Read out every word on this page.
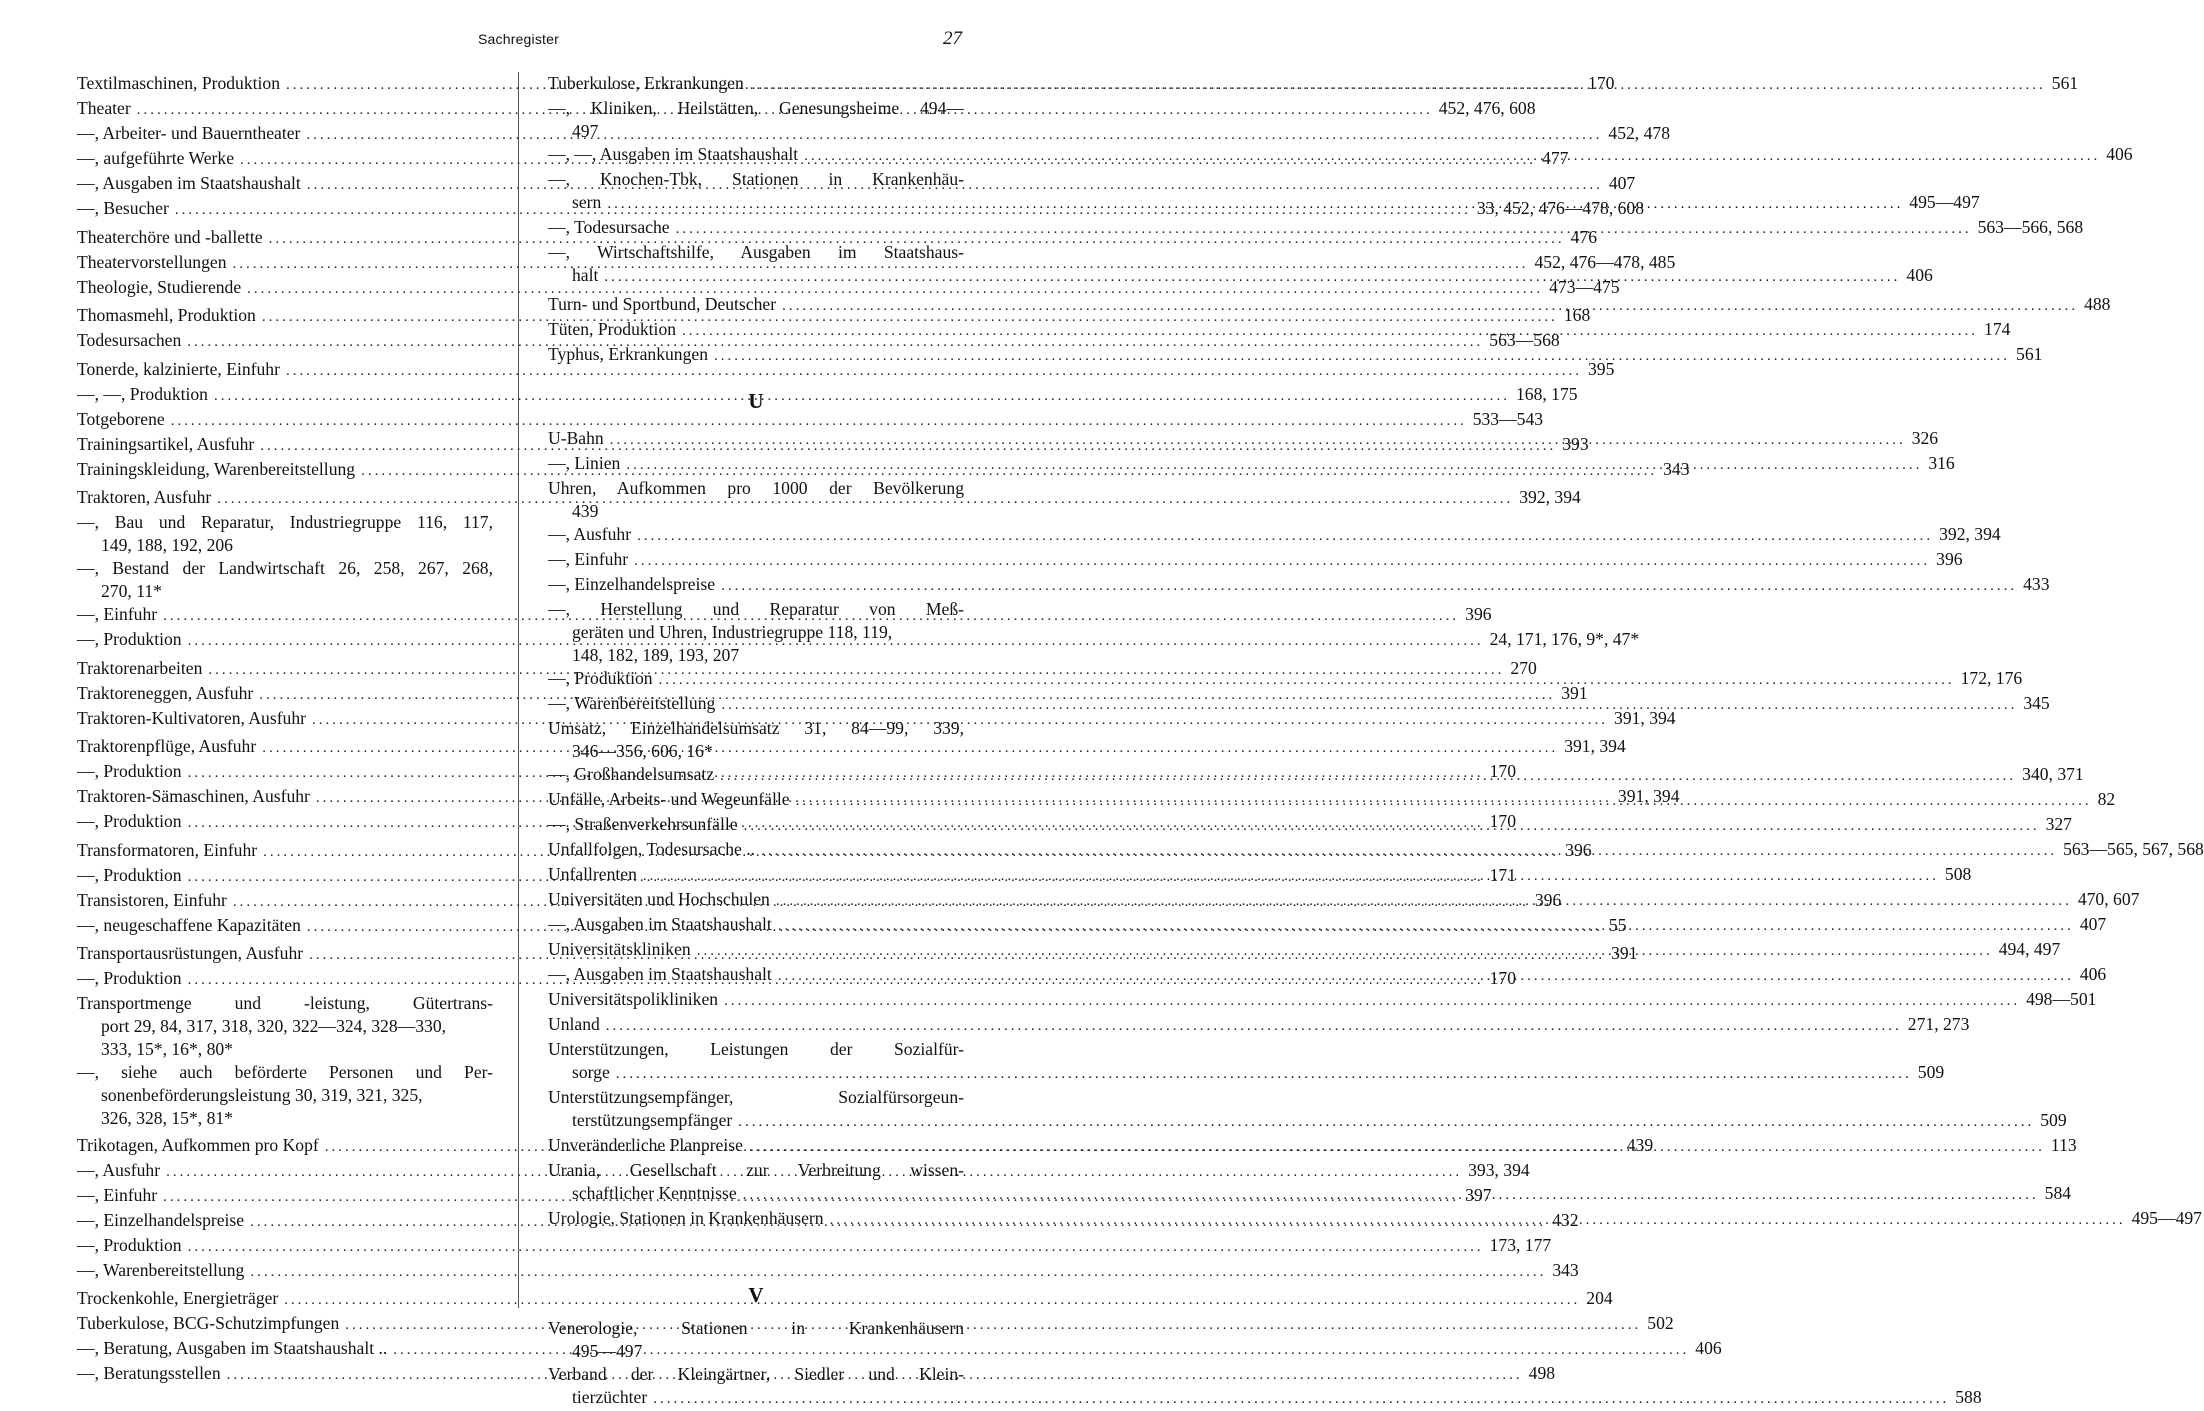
Sachregister	27
Textilmaschinen, Produktion .....	170
Theater .....	452, 476, 608
—, Arbeiter- und Bauerntheater .....	452, 478
—, aufgeführte Werke .....	477
—, Ausgaben im Staatshaushalt .....	407
—, Besucher .....	33, 452, 476—478, 608
Theaterchöre und -ballette .....	476
Theatervorstellungen .....	452, 476—478, 485
Theologie, Studierende .....	473—475
Thomasmehl, Produktion .....	168
Todesursachen .....	563—568
Tonerde, kalzinierte, Einfuhr .....	395
—, —, Produktion .....	168, 175
Totgeborene .....	533—543
Trainingsartikel, Ausfuhr .....	393
Trainingskleidung, Warenbereitstellung .....	343
Traktoren, Ausfuhr .....	392, 394
—, Bau und Reparatur, Industriegruppe 116, 117,
149, 188, 192, 206
—, Bestand der Landwirtschaft 26, 258, 267, 268,
270, 11*
—, Einfuhr .....	396
—, Produktion .....	24, 171, 176, 9*, 47*
Traktorenarbeiten .....	270
Traktoreneggen, Ausfuhr .....	391
Traktoren-Kultivatoren, Ausfuhr .....	391, 394
Traktorenpflüge, Ausfuhr .....	391, 394
—, Produktion .....	170
Traktoren-Sämaschinen, Ausfuhr .....	391, 394
—, Produktion .....	170
Transformatoren, Einfuhr .....	396
—, Produktion .....	171
Transistoren, Einfuhr .....	396
—, neugeschaffene Kapazitäten .....	55
Transportausrüstungen, Ausfuhr .....	391
—, Produktion .....	170
Transportmenge und -leistung, Gütertrans-
port 29, 84, 317, 318, 320, 322—324, 328—330,
333, 15*, 16*, 80*
—, siehe auch beförderte Personen und Per-
sonenbeförderungsleistung 30, 319, 321, 325,
326, 328, 15*, 81*
Trikotagen, Aufkommen pro Kopf .....	439
—, Ausfuhr .....	393, 394
—, Einfuhr .....	397
—, Einzelhandelspreise .....	432
—, Produktion .....	173, 177
—, Warenbereitstellung .....	343
Trockenkohle, Energieträger .....	204
Tuberkulose, BCG-Schutzimpfungen .....	502
—, Beratung, Ausgaben im Staatshaushalt .. .....	406
—, Beratungsstellen .....	498
Tuberkulose, Erkrankungen .....	561
—, Kliniken, Heilstätten, Genesungsheime 494—
497
—, —, Ausgaben im Staatshaushalt .....	406
—, Knochen-Tbk, Stationen in Krankenhäu-
sern .....	495—497
—, Todesursache .....	563—566, 568
—, Wirtschaftshilfe, Ausgaben im Staatshaus-
halt .....	406
Turn- und Sportbund, Deutscher .....	488
Tüten, Produktion .....	174
Typhus, Erkrankungen .....	561
U
U-Bahn .....	326
—, Linien .....	316
Uhren, Aufkommen pro 1000 der Bevölkerung
439
—, Ausfuhr .....	392, 394
—, Einfuhr .....	396
—, Einzelhandelspreise .....	433
—, Herstellung und Reparatur von Meß-
geräten und Uhren, Industriegruppe 118, 119,
148, 182, 189, 193, 207
—, Produktion .....	172, 176
—, Warenbereitstellung .....	345
Umsatz, Einzelhandelsumsatz 31, 84—99, 339,
346—356, 606, 16*
—, Großhandelsumsatz .....	340, 371
Unfälle, Arbeits- und Wegeunfälle .....	82
—, Straßenverkehrsunfälle .....	327
Unfallfolgen, Todesursache .. .....	563—565, 567, 568
Unfallrenten .....	508
Universitäten und Hochschulen .....	470, 607
—, Ausgaben im Staatshaushalt .....	407
Universitätskliniken .....	494, 497
—, Ausgaben im Staatshaushalt .....	406
Universitätspolikliniken .....	498—501
Unland .....	271, 273
Unterstützungen, Leistungen der Sozialfür-
sorge .....	509
Unterstützungsempfänger, Sozialfürsorgeun-
terstützungsempfänger .....	509
Unveränderliche Planpreise .....	113
Urania, Gesellschaft zur Verbreitung wissen-
schaftlicher Kenntnisse .....	584
Urologie, Stationen in Krankenhäusern .....	495—497
V
Venerologie, Stationen in Krankenhäusern
495—497
Verband der Kleingärtner, Siedler und Klein-
tierzüchter .....	588
